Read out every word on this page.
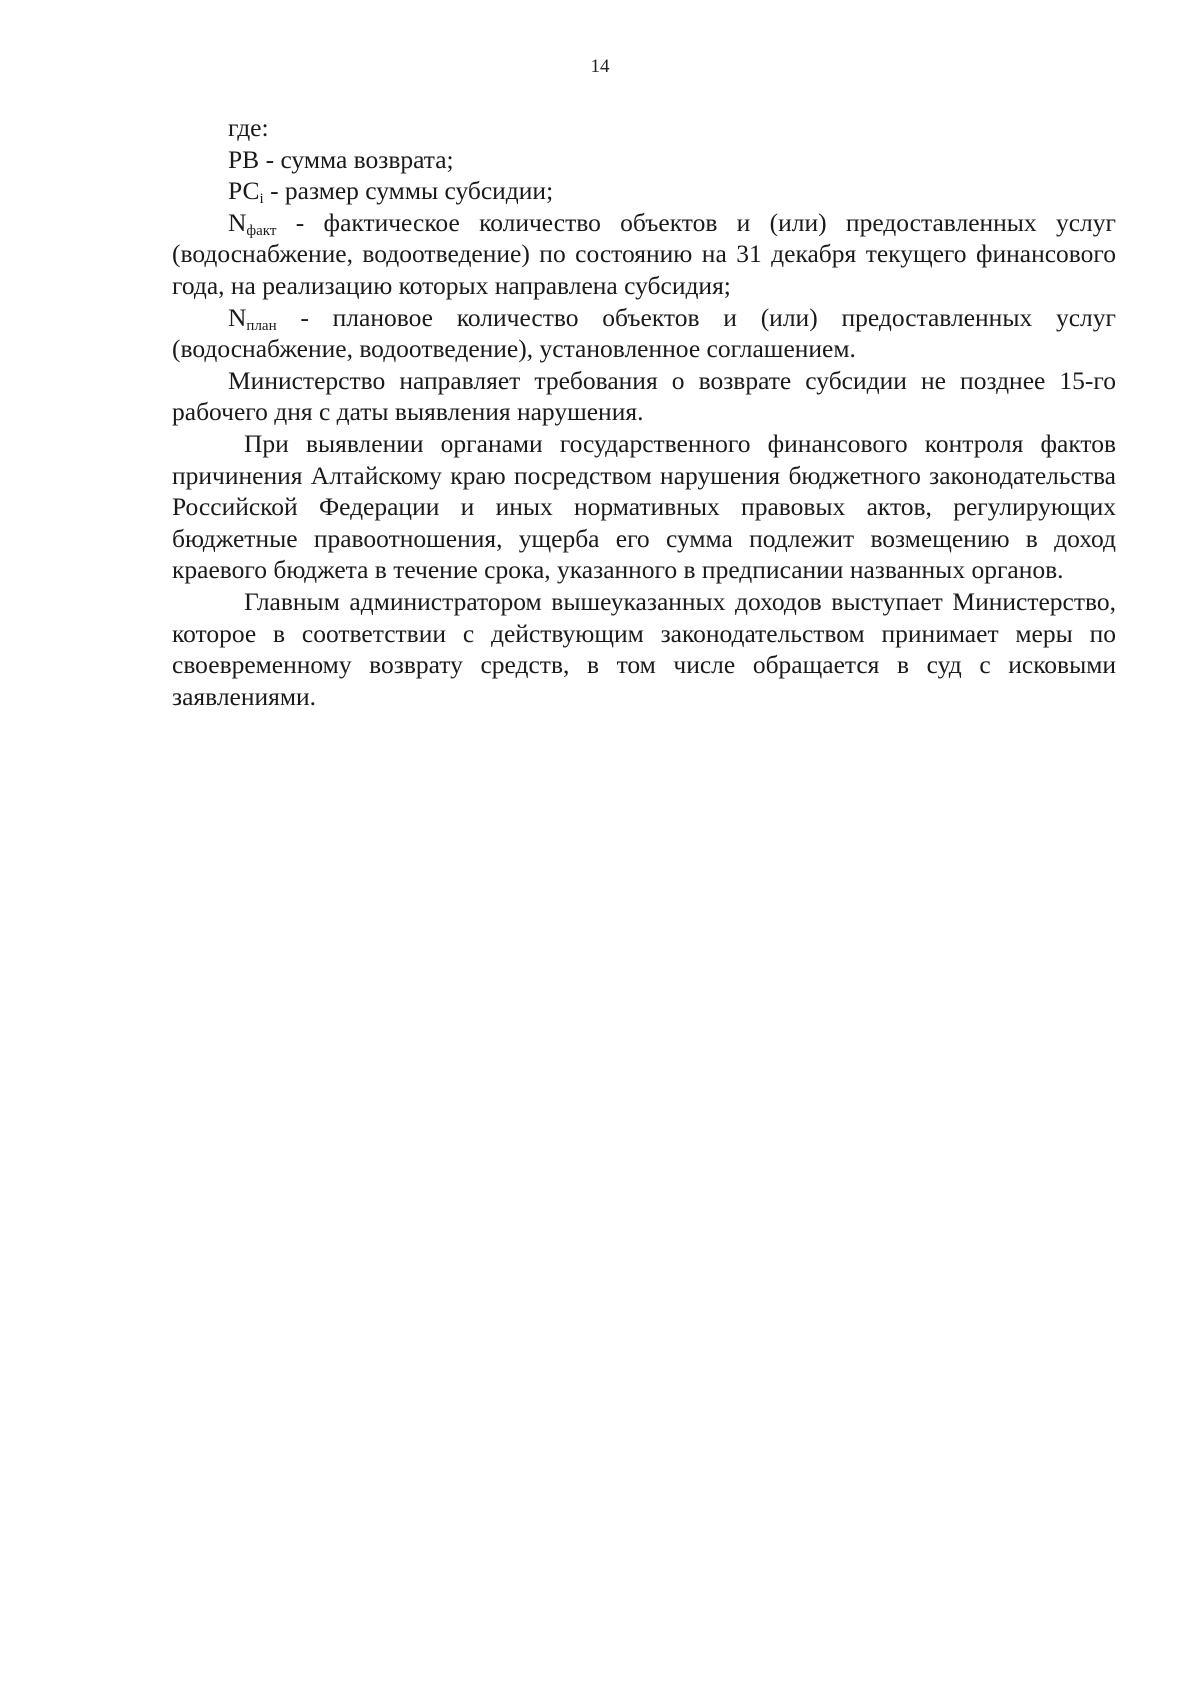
14

где:

РВ - сумма возврата;

$РС_i$ - размер суммы субсидии;

$N_{факт}$ - фактическое количество объектов и (или) предоставленных услуг (водоснабжение, водоотведение) по состоянию на 31 декабря текущего финансового года, на реализацию которых направлена субсидия;

$N_{план}$ - плановое количество объектов и (или) предоставленных услуг (водоснабжение, водоотведение), установленное соглашением.

Министерство направляет требования о возврате субсидии не позднее 15-го рабочего дня с даты выявления нарушения.

При выявлении органами государственного финансового контроля фактов причинения Алтайскому краю посредством нарушения бюджетного законодательства Российской Федерации и иных нормативных правовых актов, регулирующих бюджетные правоотношения, ущерба его сумма подлежит возмещению в доход краевого бюджета в течение срока, указанного в предписании названных органов.

Главным администратором вышеуказанных доходов выступает Министерство, которое в соответствии с действующим законодательством принимает меры по своевременному возврату средств, в том числе обращается в суд с исковыми заявлениями.
